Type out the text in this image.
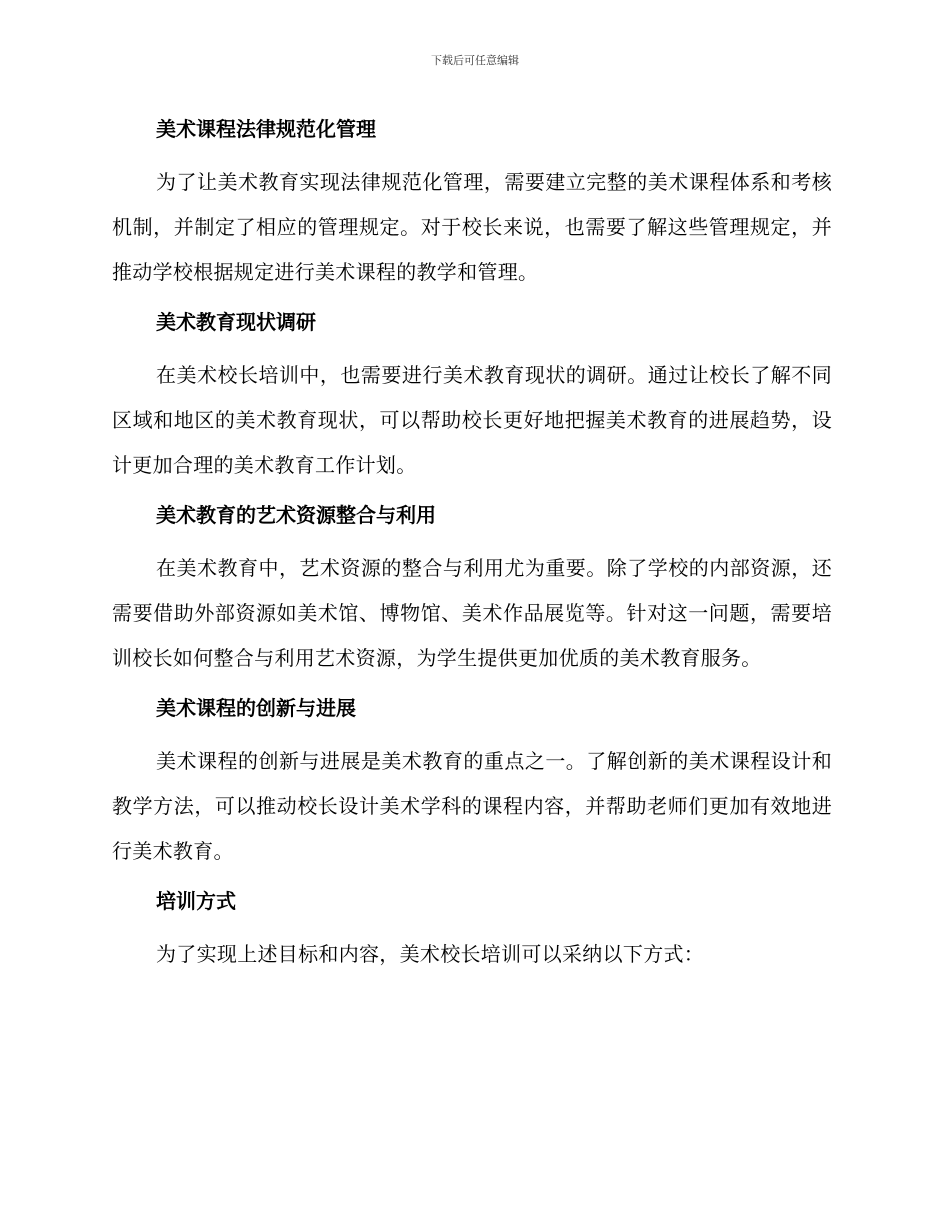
下载后可任意编辑
美术课程法律规范化管理

为了让美术教育实现法律规范化管理，需要建立完整的美术课程体系和考核机制，并制定了相应的管理规定。对于校长来说，也需要了解这些管理规定，并推动学校根据规定进行美术课程的教学和管理。

美术教育现状调研

在美术校长培训中，也需要进行美术教育现状的调研。通过让校长了解不同区域和地区的美术教育现状，可以帮助校长更好地把握美术教育的进展趋势，设计更加合理的美术教育工作计划。

美术教育的艺术资源整合与利用

在美术教育中，艺术资源的整合与利用尤为重要。除了学校的内部资源，还需要借助外部资源如美术馆、博物馆、美术作品展览等。针对这一问题，需要培训校长如何整合与利用艺术资源，为学生提供更加优质的美术教育服务。

美术课程的创新与进展

美术课程的创新与进展是美术教育的重点之一。了解创新的美术课程设计和教学方法，可以推动校长设计美术学科的课程内容，并帮助老师们更加有效地进行美术教育。

培训方式

为了实现上述目标和内容，美术校长培训可以采纳以下方式：
